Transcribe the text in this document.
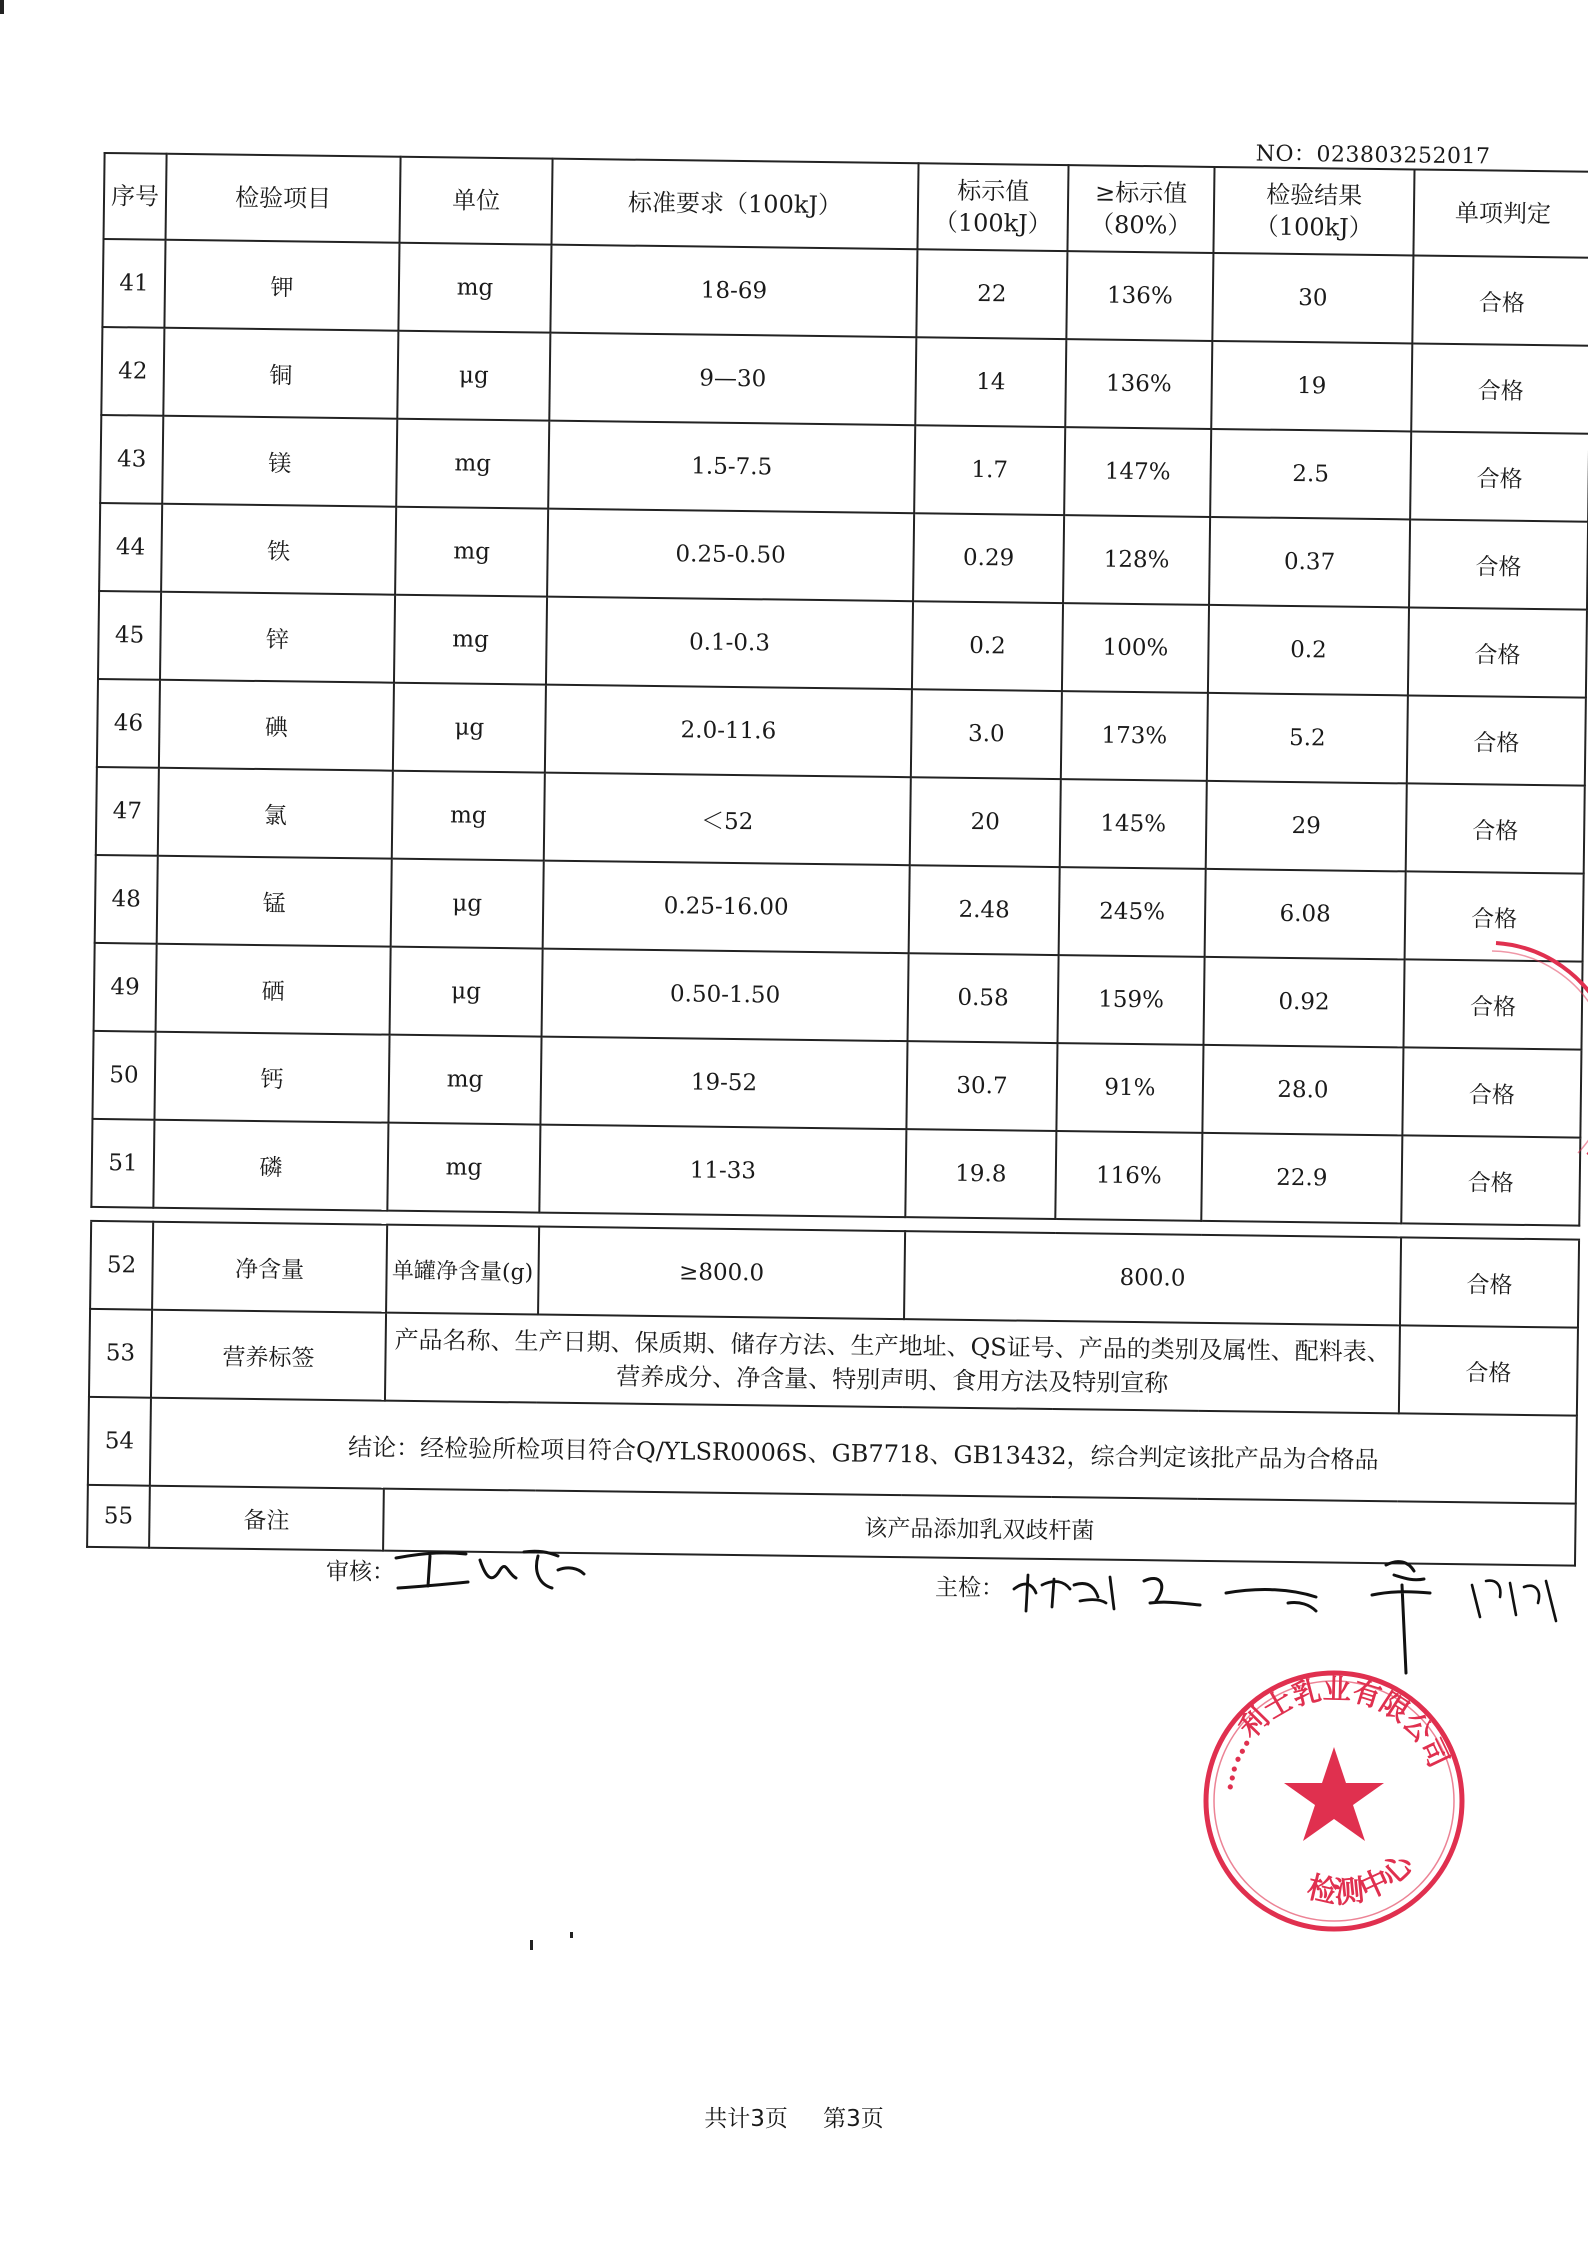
NO：023803252017
序号	检验项目	单位	标准要求（100kJ）	标示值（100kJ）	≥标示值（80%）	检验结果（100kJ）	单项判定
41	钾	mg	18-69	22	136%	30	合格
42	铜	μg	9—30	14	136%	19	合格
43	镁	mg	1.5-7.5	1.7	147%	2.5	合格
44	铁	mg	0.25-0.50	0.29	128%	0.37	合格
45	锌	mg	0.1-0.3	0.2	100%	0.2	合格
46	碘	μg	2.0-11.6	3.0	173%	5.2	合格
47	氯	mg	＜52	20	145%	29	合格
48	锰	μg	0.25-16.00	2.48	245%	6.08	合格
49	硒	μg	0.50-1.50	0.58	159%	0.92	合格
50	钙	mg	19-52	30.7	91%	28.0	合格
51	磷	mg	11-33	19.8	116%	22.9	合格

52	净含量	单罐净含量(g)	≥800.0	800.0			合格
53	营养标签	产品名称、生产日期、保质期、储存方法、生产地址、QS证号、产品的类别及属性、配料表、营养成分、净含量、特别声明、食用方法及特别宣称					合格
54	结论：经检验所检项目符合Q/YLSR0006S、GB7718、GB13432，综合判定该批产品为合格品						
55	备注	该产品添加乳双歧杆菌					
审核：
主检：
……利士乳业有限公司
检测中心
共计3页 第3页
